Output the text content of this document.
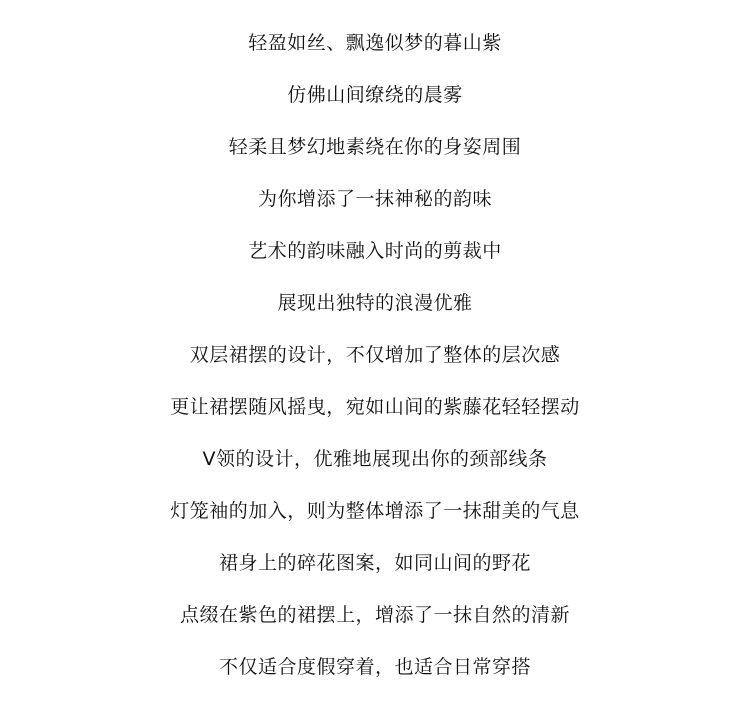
轻盈如丝、飘逸似梦的暮山紫
仿佛山间缭绕的晨雾
轻柔且梦幻地素绕在你的身姿周围
为你增添了一抹神秘的韵味
艺术的韵味融入时尚的剪裁中
展现出独特的浪漫优雅
双层裙摆的设计，不仅增加了整体的层次感
更让裙摆随风摇曳，宛如山间的紫藤花轻轻摆动
V领的设计，优雅地展现出你的颈部线条
灯笼袖的加入，则为整体增添了一抹甜美的气息
裙身上的碎花图案，如同山间的野花
点缀在紫色的裙摆上，增添了一抹自然的清新
不仅适合度假穿着，也适合日常穿搭
